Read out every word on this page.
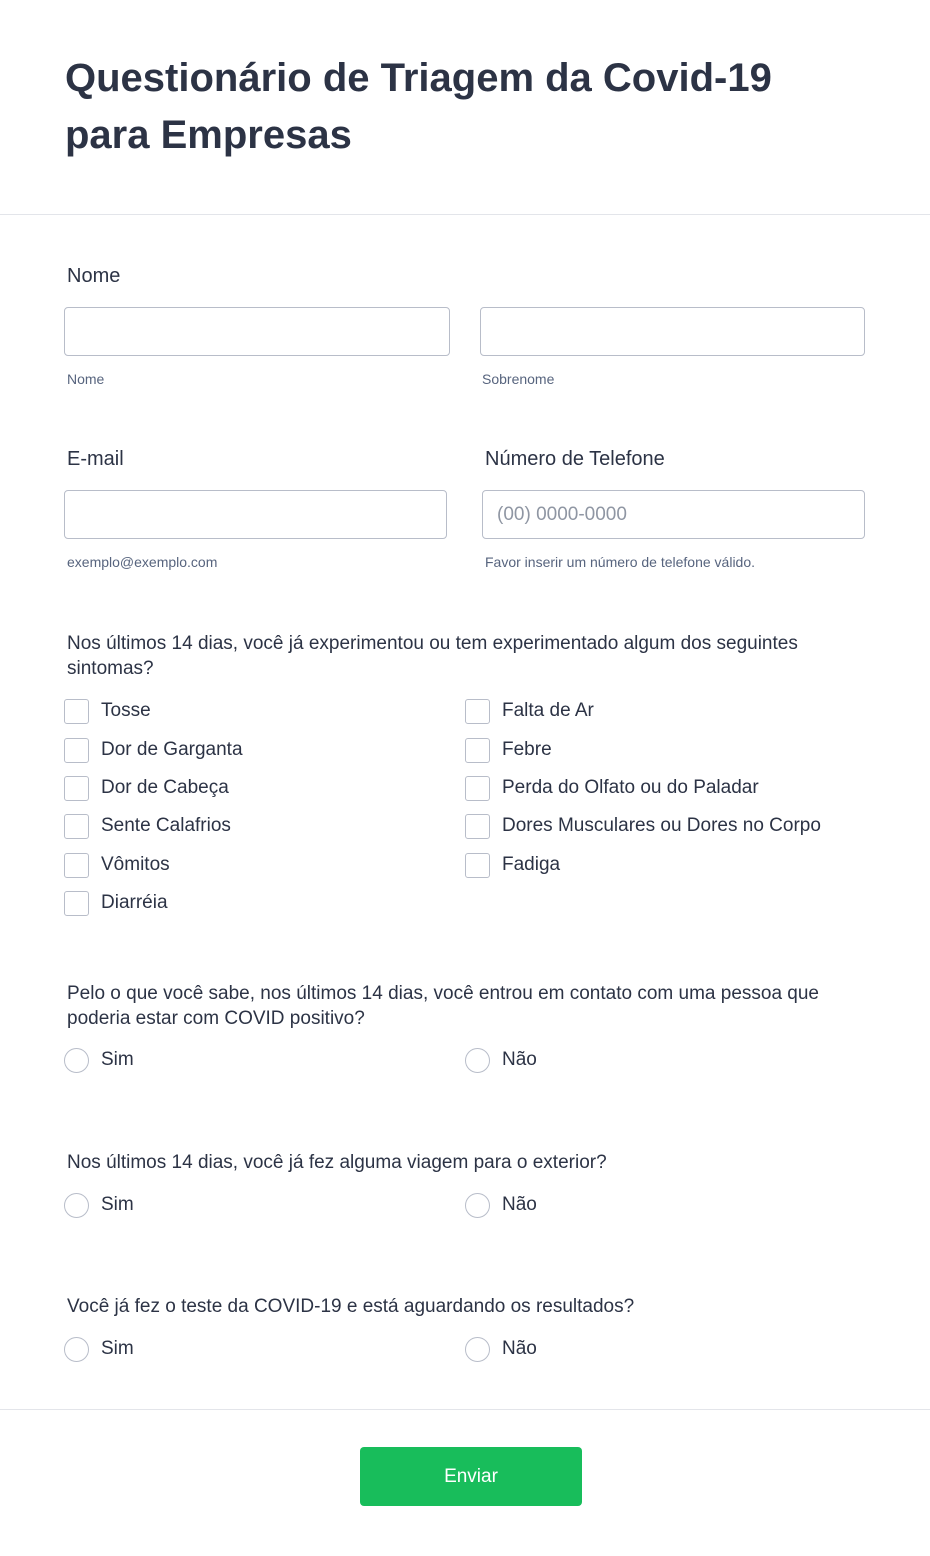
Questionário de Triagem da Covid-19 para Empresas
Nome
Nome	Sobrenome
E-mail	Número de Telefone
(00) 0000-0000
exemplo@exemplo.com	Favor inserir um número de telefone válido.
Nos últimos 14 dias, você já experimentou ou tem experimentado algum dos seguintes sintomas?
Tosse
Dor de Garganta
Dor de Cabeça
Sente Calafrios
Vômitos
Diarréia
Falta de Ar
Febre
Perda do Olfato ou do Paladar
Dores Musculares ou Dores no Corpo
Fadiga
Pelo o que você sabe, nos últimos 14 dias, você entrou em contato com uma pessoa que poderia estar com COVID positivo?
Sim	Não
Nos últimos 14 dias, você já fez alguma viagem para o exterior?
Sim	Não
Você já fez o teste da COVID-19 e está aguardando os resultados?
Sim	Não
Enviar
